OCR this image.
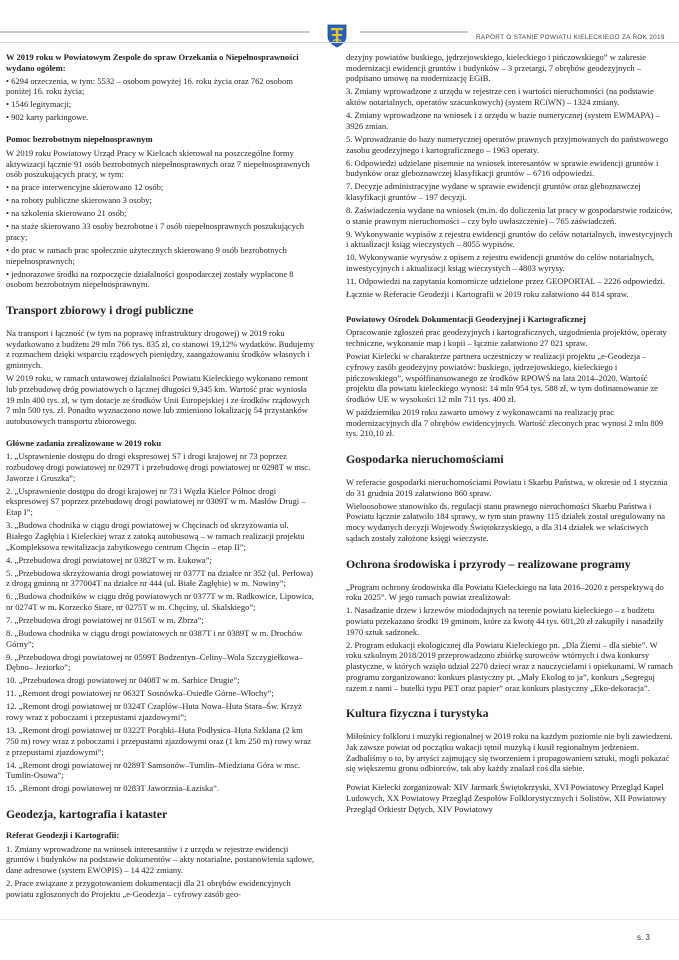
RAPORT O STANIE POWIATU KIELECKIEGO ZA ROK 2019

W 2019 roku w Powiatowym Zespole do spraw Orzekania o Niepełnosprawności wydano ogółem:

• 6294 orzeczenia, w tym: 5532 – osobom powyżej 16. roku życia oraz 762 osobom poniżej 16. roku życia;
• 1546 legitymacji;
• 902 karty parkingowe.
Pomoc bezrobotnym niepełnosprawnym

W 2019 roku Powiatowy Urząd Pracy w Kielcach skierował na poszczególne formy aktywizacji łącznie 91 osób bezrobotnych niepełnosprawnych oraz 7 niepełnosprawnych osób poszukujących pracy, w tym:

• na prace interwencyjne skierowano 12 osób;
• na roboty publiczne skierowano 3 osoby;
• na szkolenia skierowano 21 osób;
• na staże skierowano 33 osoby bezrobotne i 7 osób niepełnosprawnych poszukujących pracy;
• do prac w ramach prac społecznie użytecznych skierowano 9 osób bezrobotnych niepełnosprawnych;
• jednorazowe środki na rozpoczęcie działalności gospodarczej zostały wypłacone 8 osobom bezrobotnym niepełnosprawnym.
Transport zbiorowy i drogi publiczne

Na transport i łączność (w tym na poprawę infrastruktury drogowej) w 2019 roku wydatkowano z budżetu 29 mln 766 tys. 835 zł, co stanowi 19,12% wydatków. Budujemy z rozmachem dzięki wsparciu rządowych pieniędzy, zaangażowaniu środków własnych i gminnych.

W 2019 roku, w ramach ustawowej działalności Powiatu Kieleckiego wykonano remont lub przebudowę dróg powiatowych o łącznej długości 9,345 km. Wartość prac wyniosła 19 mln 400 tys. zł, w tym dotacje ze środków Unii Europejskiej i ze środków rządowych 7 mln 500 tys. zł. Ponadto wyznaczono nowe lub zmieniono lokalizację 54 przystanków autobusowych transportu zbiorowego.

Główne zadania zrealizowane w 2019 roku

1. „Usprawnienie dostępu do drogi ekspresowej S7 i drogi krajowej nr 73 poprzez rozbudowę drogi powiatowej nr 0297T i przebudowę drogi powiatowej nr 0298T w msc. Jaworze i Gruszka”;

2. „Usprawnienie dostępu do drogi krajowej nr 73 i Węzła Kielce Północ drogi ekspresowej S7 poprzez przebudowę drogi powiatowej nr 0309T w m. Masłów Drugi – Etap I”;

3. „Budowa chodnika w ciągu drogi powiatowej w Chęcinach od skrzyżowania ul. Białego Zagłębia i Kieleckiej wraz z zatoką autobusową – w ramach realizacji projektu „Kompleksowa rewitalizacja zabytkowego centrum Chęcin – etap II”;

4. „Przebudowa drogi powiatowej nr 0382T w m. Łukowa”;

5. „Przebudowa skrzyżowania drogi powiatowej nr 0377T na działce nr 352 (ul. Perłowa) z drogą gminną nr 377004T na działce nr 444 (ul. Białe Zagłębie) w m. Nowiny”;

6. „Budowa chodników w ciągu dróg powiatowych nr 0377T w m. Radkowice, Lipowica, nr 0274T w m. Korzecko Stare, nr 0275T w m. Chęciny, ul. Skalskiego”;

7. „Przebudowa drogi powiatowej nr 0156T w m. Zbrza”;

8. „Budowa chodnika w ciągu drogi powiatowych nr 0387T i nr 0389T w m. Drochów Górny”;

9. „Przebudowa drogi powiatowej nr 0599T Bodzentyn–Celiny–Wola Szczygiełkowa–Dębno– Jeziorko”;

10. „Przebudowa drogi powiatowej nr 0408T w m. Sarbice Drugie”;

11. „Remont drogi powiatowej nr 0632T Sosnówka–Osiedle Górne–Włochy”;

12. „Remont drogi powiatowej nr 0324T Czaplów–Huta Nowa–Huta Stara–Św. Krzyż rowy wraz z poboczami i przepustami zjazdowymi”;

13. „Remont drogi powiatowej nr 0322T Porąbki–Huta Podłysica–Huta Szklana (2 km 750 m) rowy wraz z poboczami i przepustami zjazdowymi oraz (1 km 250 m) rowy wraz z przepustami zjazdowymi”;

14. „Remont drogi powiatowej nr 0289T Samsonów–Tumlin–Miedziana Góra w msc. Tumlin-Osowa”;

15. „Remont drogi powiatowej nr 0283T Jaworznia–Łaziska”.

Geodezja, kartografia i kataster
Referat Geodezji i Kartografii:

1. Zmiany wprowadzone na wniosek interesantów i z urzędu w rejestrze ewidencji gruntów i budynków na podstawie dokumentów – akty notarialne, postanowienia sądowe, dane adresowe (system EWOPIS) – 14 422 zmiany.

2. Prace związane z przygotowaniem dokumentacji dla 21 obrębów ewidencyjnych powiatu zgłoszonych do Projektu „e-Geodezja – cyfrowy zasób geo-

dezyjny powiatów buskiego, jędrzejowskiego, kieleckiego i pińczowskiego” w zakresie modernizacji ewidencji gruntów i budynków – 3 przetargi, 7 obrębów geodezyjnych – podpisano umowę na modernizację EGiB.

3. Zmiany wprowadzone z urzędu w rejestrze cen i wartości nieruchomości (na podstawie aktów notarialnych, operatów szacunkowych) (system RCiWN) – 1324 zmiany.

4. Zmiany wprowadzone na wniosek i z urzędu w bazie numerycznej (system EWMAPA) – 3926 zmian.

5. Wprowadzanie do bazy numerycznej operatów prawnych przyjmowanych do państwowego zasobu geodezyjnego i kartograficznego – 1963 operaty.

6. Odpowiedzi udzielane pisemnie na wniosek interesantów w sprawie ewidencji gruntów i budynków oraz gleboznawczej klasyfikacji gruntów – 6716 odpowiedzi.

7. Decyzje administracyjne wydane w sprawie ewidencji gruntów oraz gleboznawczej klasyfikacji gruntów – 197 decyzji.

8. Zaświadczenia wydane na wniosek (m.in. do doliczenia lat pracy w gospodarstwie rodziców, o stanie prawnym nieruchomości – czy było uwłaszczenie) – 765 zaświadczeń.

9. Wykonywanie wypisów z rejestru ewidencji gruntów do celów notarialnych, inwestycyjnych i aktualizacji ksiąg wieczystych – 8055 wypisów.

10. Wykonywanie wyrysów z opisem z rejestru ewidencji gruntów do celów notarialnych, inwestycyjnych i aktualizacji ksiąg wieczystych – 4803 wyrysy.

11. Odpowiedzi na zapytania komornicze udzielone przez GEOPORTAL – 2226 odpowiedzi.

Łącznie w Referacie Geodezji i Kartografii w 2019 roku załatwiono 44 814 spraw.

Powiatowy Ośrodek Dokumentacji Geodezyjnej i Kartograficznej

Opracowanie zgłoszeń prac geodezyjnych i kartograficznych, uzgodnienia projektów, operaty techniczne, wykonanie map i kopii – łącznie załatwiono 27 021 spraw.

Powiat Kielecki w charakterze partnera uczestniczy w realizacji projektu „e-Geodezja – cyfrowy zasób geodezyjny powiatów: buskiego, jędrzejowskiego, kieleckiego i pińczowskiego”, współfinansowanego ze środków RPOWŚ na lata 2014–2020. Wartość projektu dla powiatu kieleckiego wynosi: 14 mln 954 tys. 588 zł, w tym dofinansowanie ze środków UE w wysokości 12 mln 711 tys. 400 zł.

W październiku 2019 roku zawarto umowy z wykonawcami na realizację prac modernizacyjnych dla 7 obrębów ewidencyjnych. Wartość zleconych prac wynosi 2 mln 809 tys. 210,10 zł.

Gospodarka nieruchomościami

W referacie gospodarki nieruchomościami Powiatu i Skarbu Państwa, w okresie od 1 stycznia do 31 grudnia 2019 załatwiono 860 spraw.

Wieloosobowe stanowisko ds. regulacji stanu prawnego nieruchomości Skarbu Państwa i Powiatu łącznie załatwiło 184 sprawy, w tym stan prawny 115 działek został uregulowany na mocy wydanych decyzji Wojewody Świętokrzyskiego, a dla 314 działek we właściwych sądach zostały założone księgi wieczyste.

Ochrona środowiska i przyrody – realizowane programy

„Program ochrony środowiska dla Powiatu Kieleckiego na lata 2016–2020 z perspektywą do roku 2025”. W jego ramach powiat zrealizował:

1. Nasadzanie drzew i krzewów miododajnych na terenie powiatu kieleckiego – z budżetu powiatu przekazano środki 19 gminom, które za kwotę 44 tys. 601,20 zł zakupiły i nasadziły 1970 sztuk sadzonek.

2. Program edukacji ekologicznej dla Powiatu Kieleckiego pn. „Dla Ziemi – dla siebie”. W roku szkolnym 2018/2019 przeprowadzono zbiórkę surowców wtórnych i dwa konkursy plastyczne, w których wzięło udział 2270 dzieci wraz z nauczycielami i opiekunami. W ramach programu zorganizowano: konkurs plastyczny pt. „Mały Ekolog to ja”, konkurs „Segreguj razem z nami – butelki typu PET oraz papier” oraz konkurs plastyczny „Eko-dekoracja”.

Kultura fizyczna i turystyka

Miłośnicy folkloru i muzyki regionalnej w 2019 roku na każdym poziomie nie byli zawiedzeni. Jak zawsze powiat od początku wakacji tętnił muzyką i kusił regionalnym jedzeniem. Zadbaliśmy o to, by artyści zajmujący się tworzeniem i propagowaniem sztuki, mogli pokazać się większemu gronu odbiorców, tak aby każdy znalazł coś dla siebie.

Powiat Kielecki zorganizował: XIV Jarmark Świętokrzyski, XVI Powiatowy Przegląd Kapel Ludowych, XX Powiatowy Przegląd Zespołów Folklorystycznych i Solistów, XII Powiatowy Przegląd Orkiestr Dętych, XIV Powiatowy

s. 3
